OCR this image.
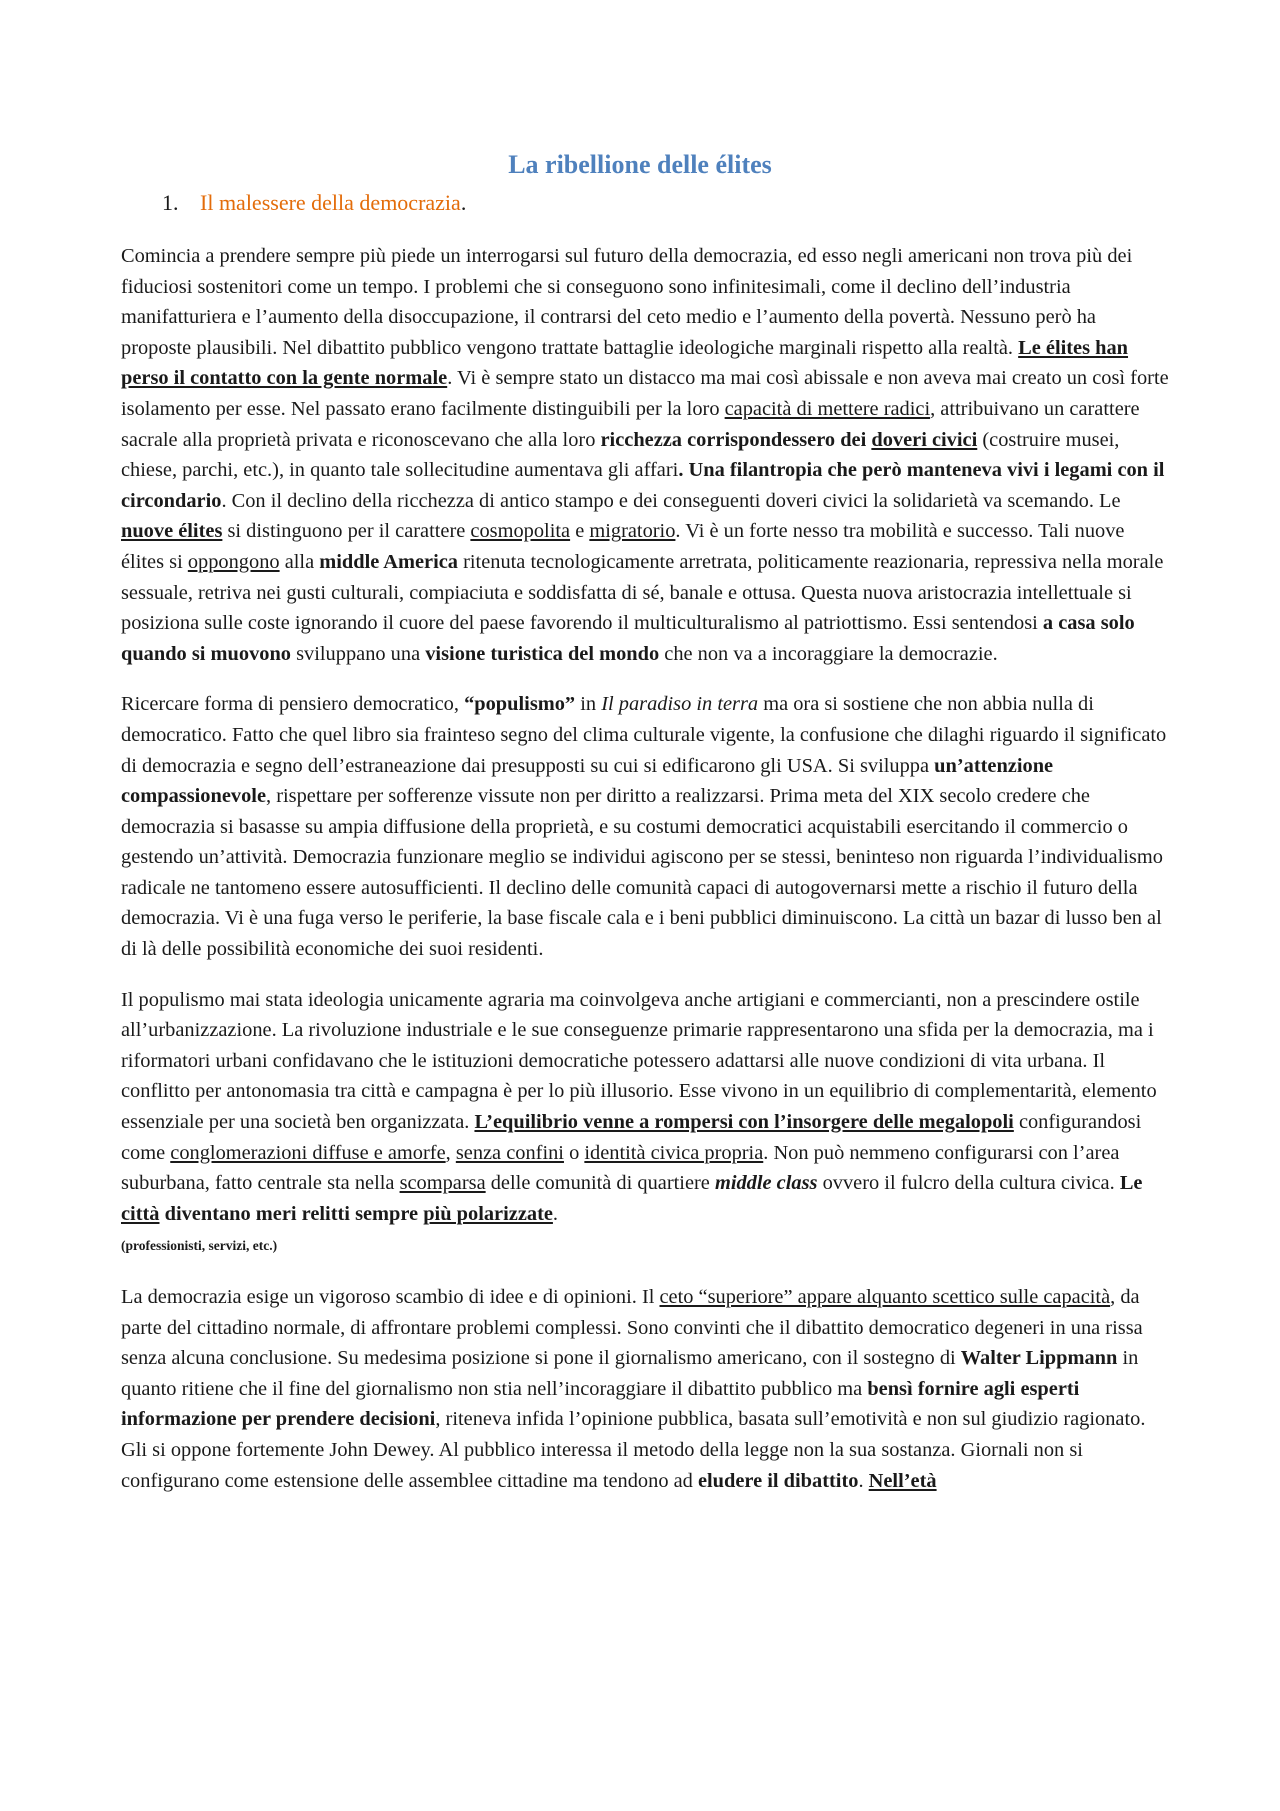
La ribellione delle élites
1. Il malessere della democrazia.

Comincia a prendere sempre più piede un interrogarsi sul futuro della democrazia, ed esso negli americani non trova più dei fiduciosi sostenitori come un tempo. I problemi che si conseguono sono infinitesimali, come il declino dell’industria manifatturiera e l’aumento della disoccupazione, il contrarsi del ceto medio e l’aumento della povertà. Nessuno però ha proposte plausibili. Nel dibattito pubblico vengono trattate battaglie ideologiche marginali rispetto alla realtà. Le élites han perso il contatto con la gente normale. Vi è sempre stato un distacco ma mai così abissale e non aveva mai creato un così forte isolamento per esse. Nel passato erano facilmente distinguibili per la loro capacità di mettere radici, attribuivano un carattere sacrale alla proprietà privata e riconoscevano che alla loro ricchezza corrispondessero dei doveri civici (costruire musei, chiese, parchi, etc.), in quanto tale sollecitudine aumentava gli affari. Una filantropia che però manteneva vivi i legami con il circondario. Con il declino della ricchezza di antico stampo e dei conseguenti doveri civici la solidarietà va scemando. Le nuove élites si distinguono per il carattere cosmopolita e migratorio. Vi è un forte nesso tra mobilità e successo. Tali nuove élites si oppongono alla middle America ritenuta tecnologicamente arretrata, politicamente reazionaria, repressiva nella morale sessuale, retriva nei gusti culturali, compiaciuta e soddisfatta di sé, banale e ottusa. Questa nuova aristocrazia intellettuale si posiziona sulle coste ignorando il cuore del paese favorendo il multiculturalismo al patriottismo. Essi sentendosi a casa solo quando si muovono sviluppano una visione turistica del mondo che non va a incoraggiare la democrazie.

Ricercare forma di pensiero democratico, “populismo” in Il paradiso in terra ma ora si sostiene che non abbia nulla di democratico. Fatto che quel libro sia frainteso segno del clima culturale vigente, la confusione che dilaghi riguardo il significato di democrazia e segno dell’estraneazione dai presupposti su cui si edificarono gli USA. Si sviluppa un’attenzione compassionevole, rispettare per sofferenze vissute non per diritto a realizzarsi. Prima meta del XIX secolo credere che democrazia si basasse su ampia diffusione della proprietà, e su costumi democratici acquistabili esercitando il commercio o gestendo un’attività. Democrazia funzionare meglio se individui agiscono per se stessi, beninteso non riguarda l’individualismo radicale ne tantomeno essere autosufficienti. Il declino delle comunità capaci di autogovernarsi mette a rischio il futuro della democrazia. Vi è una fuga verso le periferie, la base fiscale cala e i beni pubblici diminuiscono. La città un bazar di lusso ben al di là delle possibilità economiche dei suoi residenti.

Il populismo mai stata ideologia unicamente agraria ma coinvolgeva anche artigiani e commercianti, non a prescindere ostile all’urbanizzazione. La rivoluzione industriale e le sue conseguenze primarie rappresentarono una sfida per la democrazia, ma i riformatori urbani confidavano che le istituzioni democratiche potessero adattarsi alle nuove condizioni di vita urbana. Il conflitto per antonomasia tra città e campagna è per lo più illusorio. Esse vivono in un equilibrio di complementarità, elemento essenziale per una società ben organizzata. L’equilibrio venne a rompersi con l’insorgere delle megalopoli configurandosi come conglomerazioni diffuse e amorfe, senza confini o identità civica propria. Non può nemmeno configurarsi con l’area suburbana, fatto centrale sta nella scomparsa delle comunità di quartiere middle class ovvero il fulcro della cultura civica. Le città diventano meri relitti sempre più polarizzate.
(professionisti, servizi, etc.)

La democrazia esige un vigoroso scambio di idee e di opinioni. Il ceto “superiore” appare alquanto scettico sulle capacità, da parte del cittadino normale, di affrontare problemi complessi. Sono convinti che il dibattito democratico degeneri in una rissa senza alcuna conclusione. Su medesima posizione si pone il giornalismo americano, con il sostegno di Walter Lippmann in quanto ritiene che il fine del giornalismo non stia nell’incoraggiare il dibattito pubblico ma bensì fornire agli esperti informazione per prendere decisioni, riteneva infida l’opinione pubblica, basata sull’emotività e non sul giudizio ragionato. Gli si oppone fortemente John Dewey. Al pubblico interessa il metodo della legge non la sua sostanza. Giornali non si configurano come estensione delle assemblee cittadine ma tendono ad eludere il dibattito. Nell’età
